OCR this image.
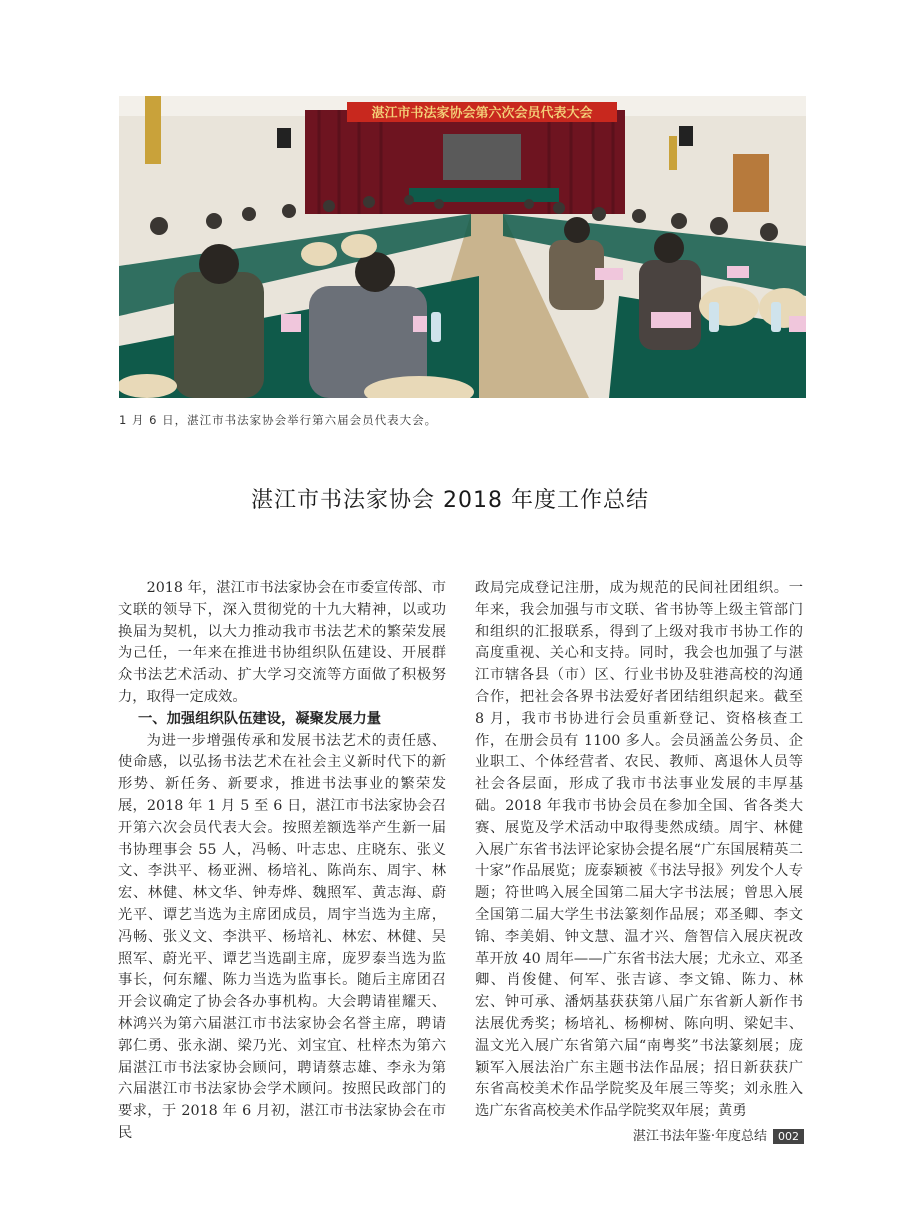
湛江市书法家协会第六次会员代表大会
1 月 6 日，湛江市书法家协会举行第六届会员代表大会。
湛江市书法家协会 2018 年度工作总结

2018 年，湛江市书法家协会在市委宣传部、市文联的领导下，深入贯彻党的十九大精神，以或功换届为契机，以大力推动我市书法艺术的繁荣发展为己任，一年来在推进书协组织队伍建设、开展群众书法艺术活动、扩大学习交流等方面做了积极努力，取得一定成效。

一、加强组织队伍建设，凝聚发展力量

为进一步增强传承和发展书法艺术的责任感、使命感，以弘扬书法艺术在社会主义新时代下的新形势、新任务、新要求，推进书法事业的繁荣发展，2018 年 1 月 5 至 6 日，湛江市书法家协会召开第六次会员代表大会。按照差额选举产生新一届书协理事会 55 人，冯畅、叶志忠、庄晓东、张义文、李洪平、杨亚洲、杨培礼、陈尚东、周宇、林宏、林健、林文华、钟寿烨、魏照军、黄志海、蔚光平、谭艺当选为主席团成员，周宇当选为主席，冯畅、张义文、李洪平、杨培礼、林宏、林健、吴照军、蔚光平、谭艺当选副主席，庞罗泰当选为监事长，何东耀、陈力当选为监事长。随后主席团召开会议确定了协会各办事机构。大会聘请崔耀天、林鸿兴为第六届湛江市书法家协会名誉主席，聘请郭仁勇、张永湖、梁乃光、刘宝宜、杜梓杰为第六届湛江市书法家协会顾问，聘请蔡志雄、李永为第六届湛江市书法家协会学术顾问。按照民政部门的要求，于 2018 年 6 月初，湛江市书法家协会在市民

政局完成登记注册，成为规范的民间社团组织。一年来，我会加强与市文联、省书协等上级主管部门和组织的汇报联系，得到了上级对我市书协工作的高度重视、关心和支持。同时，我会也加强了与湛江市辖各县（市）区、行业书协及驻港高校的沟通合作，把社会各界书法爱好者团结组织起来。截至 8 月，我市书协进行会员重新登记、资格核查工作，在册会员有 1100 多人。会员涵盖公务员、企业职工、个体经营者、农民、教师、离退休人员等社会各层面，形成了我市书法事业发展的丰厚基础。2018 年我市书协会员在参加全国、省各类大赛、展览及学术活动中取得斐然成绩。周宇、林健入展广东省书法评论家协会提名展“广东国展精英二十家”作品展览；庞泰颖被《书法导报》列发个人专题；符世鸣入展全国第二届大字书法展；曾思入展全国第二届大学生书法篆刻作品展；邓圣卿、李文锦、李美娟、钟文慧、温才兴、詹智信入展庆祝改革开放 40 周年——广东省书法大展；尤永立、邓圣卿、肖俊健、何军、张吉谚、李文锦、陈力、林宏、钟可承、潘炳基获获第八届广东省新人新作书法展优秀奖；杨培礼、杨柳树、陈向明、梁妃丰、温文光入展广东省第六届“南粤奖”书法篆刻展；庞颖军入展法治广东主题书法作品展；招日新获获广东省高校美术作品学院奖及年展三等奖；刘永胜入选广东省高校美术作品学院奖双年展；黄勇

湛江书法年鉴·年度总结 002
